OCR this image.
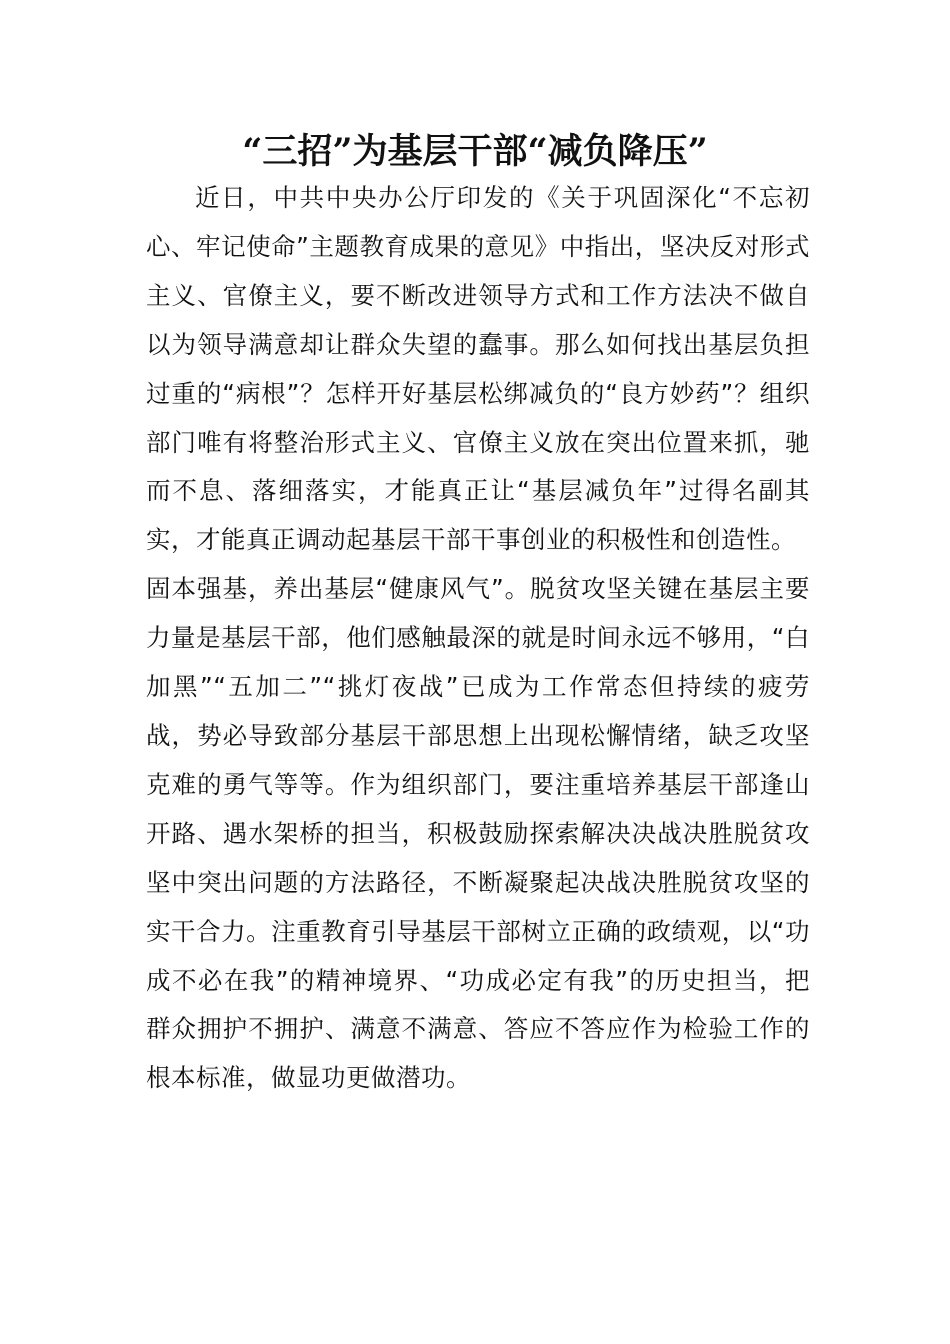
“三招”为基层干部“减负降压”

近日，中共中央办公厅印发的《关于巩固深化“不忘初心、牢记使命”主题教育成果的意见》中指出，坚决反对形式主义、官僚主义，要不断改进领导方式和工作方法决不做自以为领导满意却让群众失望的蠢事。那么如何找出基层负担过重的“病根”？怎样开好基层松绑减负的“良方妙药”？组织部门唯有将整治形式主义、官僚主义放在突出位置来抓，驰而不息、落细落实，才能真正让“基层减负年”过得名副其实，才能真正调动起基层干部干事创业的积极性和创造性。

固本强基，养出基层“健康风气”。脱贫攻坚关键在基层主要力量是基层干部，他们感触最深的就是时间永远不够用，“白加黑”“五加二”“挑灯夜战”已成为工作常态但持续的疲劳战，势必导致部分基层干部思想上出现松懈情绪，缺乏攻坚克难的勇气等等。作为组织部门，要注重培养基层干部逢山开路、遇水架桥的担当，积极鼓励探索解决决战决胜脱贫攻坚中突出问题的方法路径，不断凝聚起决战决胜脱贫攻坚的实干合力。注重教育引导基层干部树立正确的政绩观，以“功成不必在我”的精神境界、“功成必定有我”的历史担当，把群众拥护不拥护、满意不满意、答应不答应作为检验工作的根本标准，做显功更做潜功。
